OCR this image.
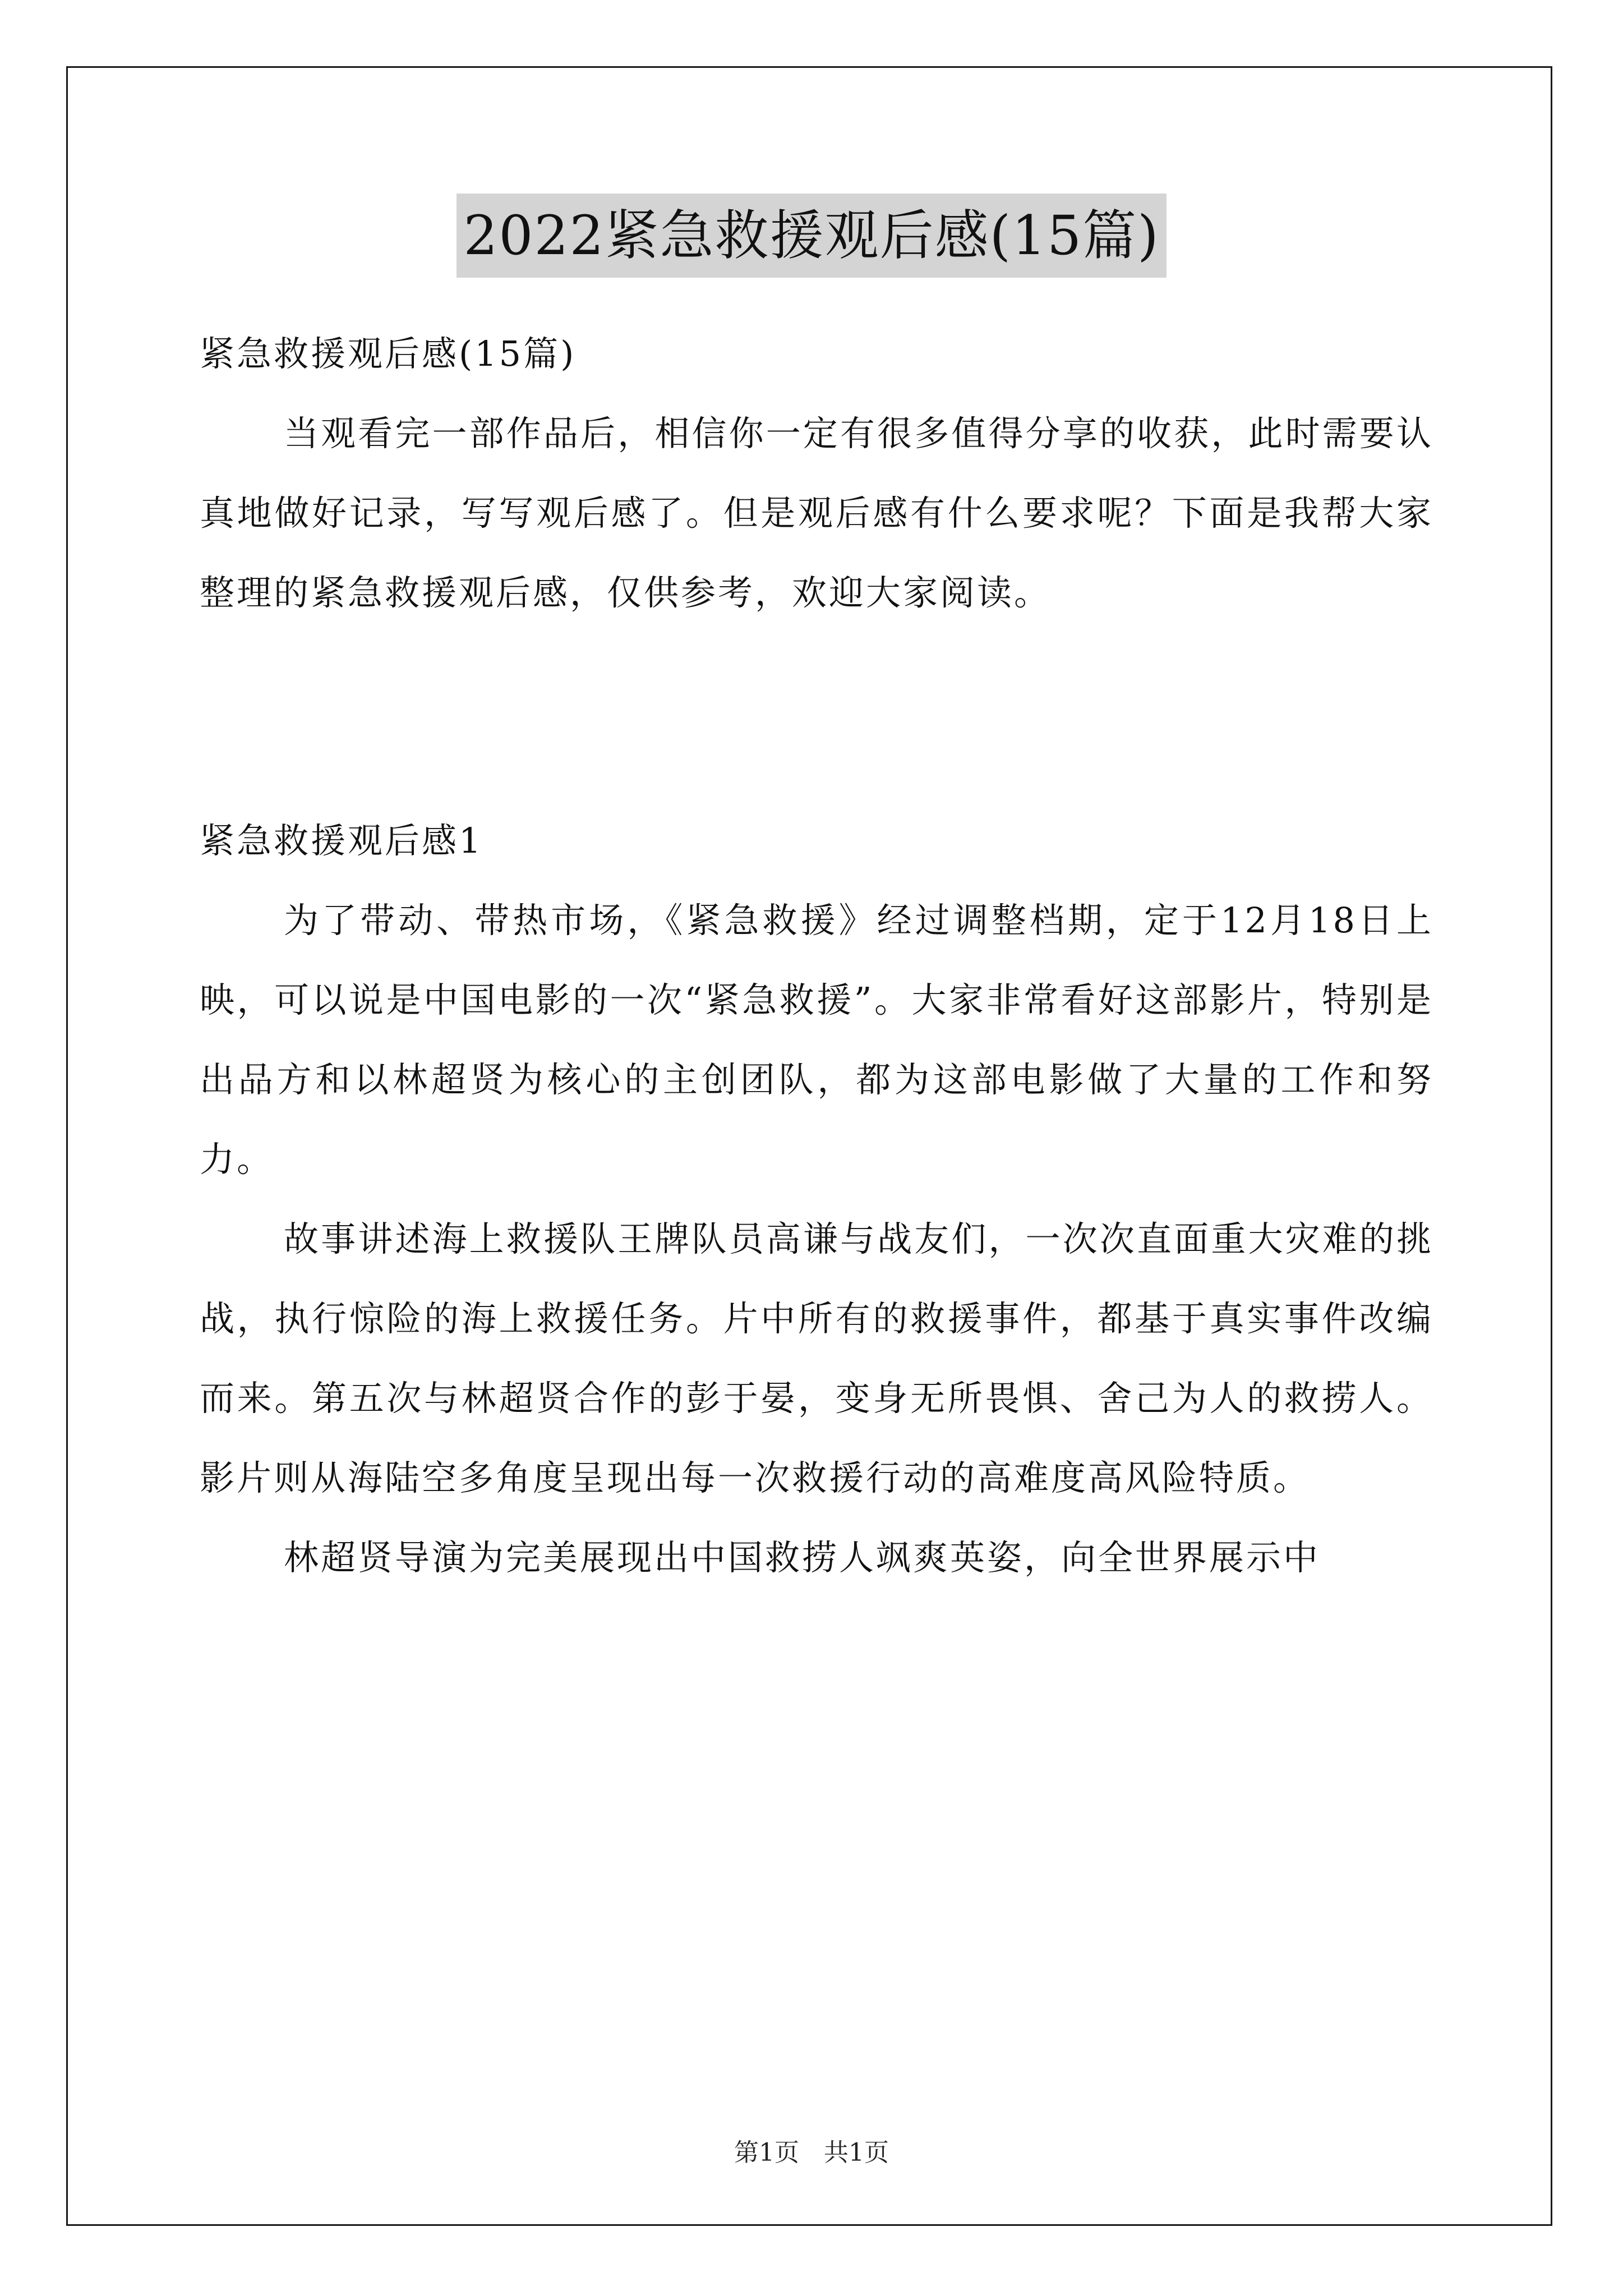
2022紧急救援观后感(15篇)

紧急救援观后感(15篇)

当观看完一部作品后，相信你一定有很多值得分享的收获，此时需要认真地做好记录，写写观后感了。但是观后感有什么要求呢？下面是我帮大家整理的紧急救援观后感，仅供参考，欢迎大家阅读。

紧急救援观后感1

为了带动、带热市场，《紧急救援》经过调整档期，定于12月18日上映，可以说是中国电影的一次“紧急救援”。大家非常看好这部影片，特别是出品方和以林超贤为核心的主创团队，都为这部电影做了大量的工作和努力。

故事讲述海上救援队王牌队员高谦与战友们，一次次直面重大灾难的挑战，执行惊险的海上救援任务。片中所有的救援事件，都基于真实事件改编而来。第五次与林超贤合作的彭于晏，变身无所畏惧、舍己为人的救捞人。影片则从海陆空多角度呈现出每一次救援行动的高难度高风险特质。

林超贤导演为完美展现出中国救捞人飒爽英姿，向全世界展示中

第1页　共1页
